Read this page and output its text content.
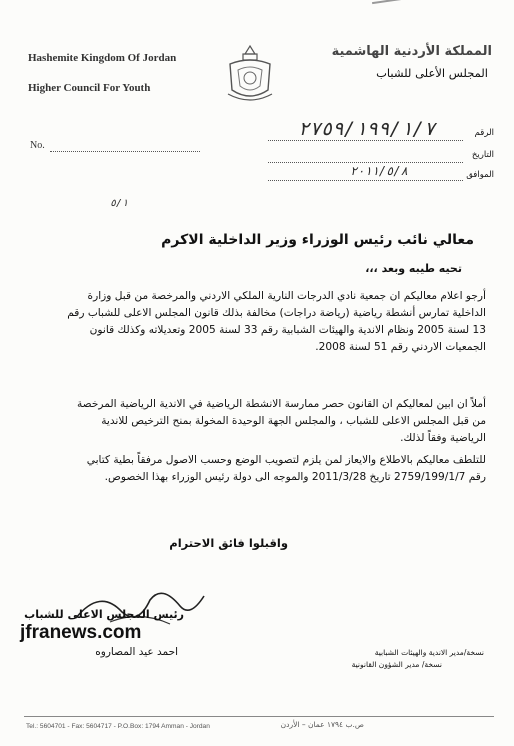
Hashemite Kingdom Of Jordan
Higher Council For Youth
المملكة الأردنية الهاشمية
المجلس الأعلى للشباب
No.
٢٧٥٩/١٩٩/١/٧	الرقم
التاريخ
٢٠١١/٥/٨	الموافق
٥/١
معالي نائب رئيس الوزراء وزير الداخلية الاكرم
تحيه طيبه وبعد ،،،
أرجو اعلام معاليكم ان جمعية نادي الدرجات النارية الملكي الاردني والمرخصة من قبل وزارة الداخلية تمارس أنشطة رياضية (رياضة دراجات) مخالفة بذلك قانون المجلس الاعلى للشباب رقم 13 لسنة 2005 ونظام الاندية والهيئات الشبابية رقم 33 لسنة 2005 وتعديلاته وكذلك قانون الجمعيات الاردني رقم 51 لسنة 2008.
أملاً ان ابين لمعاليكم ان القانون حصر ممارسة الانشطة الرياضية في الاندية الرياضية المرخصة من قبل المجلس الاعلى للشباب ، والمجلس الجهة الوحيدة المخولة بمنح الترخيص للاندية الرياضية وفقاً لذلك.
للتلطف معاليكم بالاطلاع والايعاز لمن يلزم لتصويب الوضع وحسب الاصول مرفقاً بطية كتابي رقم 2759/199/1/7 تاريخ 2011/3/28 والموجه الى دولة رئيس الوزراء بهذا الخصوص.
واقبلوا فائق الاحترام
رئيس المجلس الاعلى للشباب
احمد عيد المصاروه
jfranews.com
نسخة/مدير الاندية والهيئات الشبابية
نسخة/ مدير الشؤون القانونية
Tel.: 5604701 - Fax: 5604717 - P.O.Box: 1794 Amman - Jordan	ص.ب ١٧٩٤ عمان – الأردن
